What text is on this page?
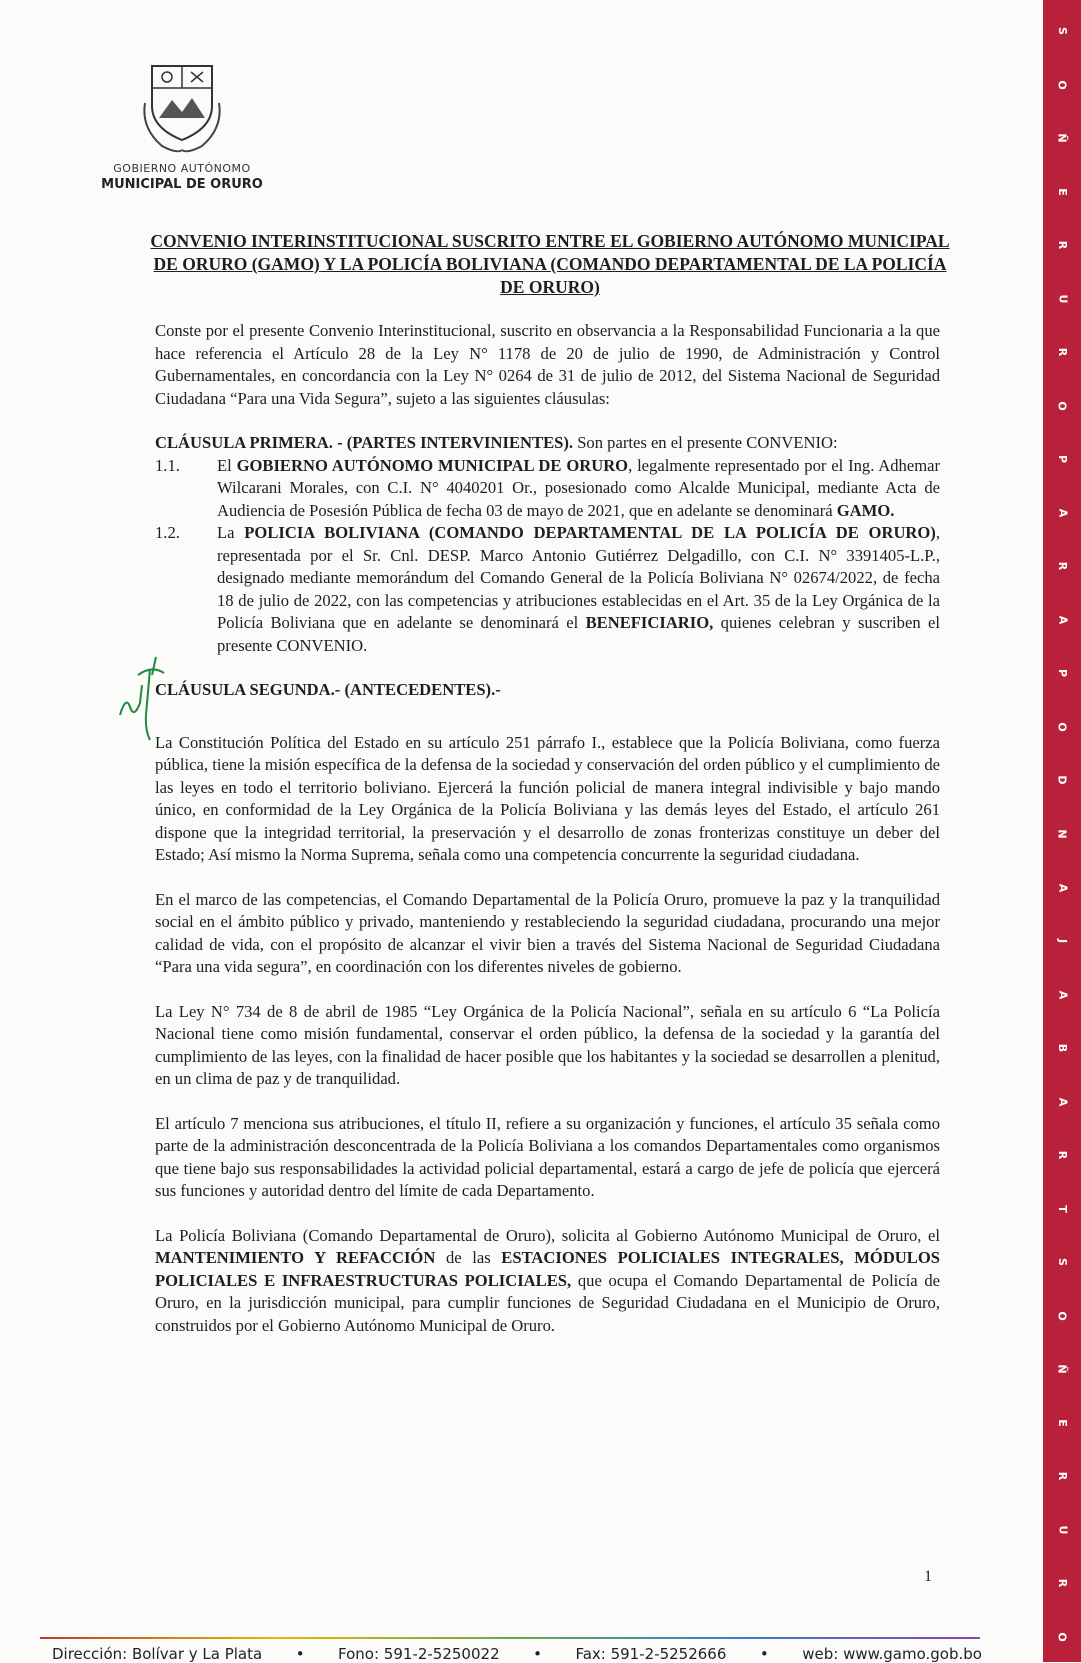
S
O
Ñ
E
R
U
R
O
P
A
R
A
P
O
D
N
A
J
A
B
A
R
T
S
O
Ñ
E
R
U
R
O
GOBIERNO AUTÓNOMO
MUNICIPAL DE ORURO
CONVENIO INTERINSTITUCIONAL SUSCRITO ENTRE EL GOBIERNO AUTÓNOMO MUNICIPAL DE ORURO (GAMO) Y LA POLICÍA BOLIVIANA (COMANDO DEPARTAMENTAL DE LA POLICÍA DE ORURO)

Conste por el presente Convenio Interinstitucional, suscrito en observancia a la Responsabilidad Funcionaria a la que hace referencia el Artículo 28 de la Ley N° 1178 de 20 de julio de 1990, de Administración y Control Gubernamentales, en concordancia con la Ley N° 0264 de 31 de julio de 2012, del Sistema Nacional de Seguridad Ciudadana “Para una Vida Segura”, sujeto a las siguientes cláusulas:

CLÁUSULA PRIMERA. - (PARTES INTERVINIENTES). Son partes en el presente CONVENIO:
1.1.	El GOBIERNO AUTÓNOMO MUNICIPAL DE ORURO, legalmente representado por el Ing. Adhemar Wilcarani Morales, con C.I. N° 4040201 Or., posesionado como Alcalde Municipal, mediante Acta de Audiencia de Posesión Pública de fecha 03 de mayo de 2021, que en adelante se denominará GAMO.
1.2.	La POLICIA BOLIVIANA (COMANDO DEPARTAMENTAL DE LA POLICÍA DE ORURO), representada por el Sr. Cnl. DESP. Marco Antonio Gutiérrez Delgadillo, con C.I. N° 3391405-L.P., designado mediante memorándum del Comando General de la Policía Boliviana N° 02674/2022, de fecha 18 de julio de 2022, con las competencias y atribuciones establecidas en el Art. 35 de la Ley Orgánica de la Policía Boliviana que en adelante se denominará el BENEFICIARIO, quienes celebran y suscriben el presente CONVENIO.

CLÁUSULA SEGUNDA.- (ANTECEDENTES).-

La Constitución Política del Estado en su artículo 251 párrafo I., establece que la Policía Boliviana, como fuerza pública, tiene la misión específica de la defensa de la sociedad y conservación del orden público y el cumplimiento de las leyes en todo el territorio boliviano. Ejercerá la función policial de manera integral indivisible y bajo mando único, en conformidad de la Ley Orgánica de la Policía Boliviana y las demás leyes del Estado, el artículo 261 dispone que la integridad territorial, la preservación y el desarrollo de zonas fronterizas constituye un deber del Estado; Así mismo la Norma Suprema, señala como una competencia concurrente la seguridad ciudadana.

En el marco de las competencias, el Comando Departamental de la Policía Oruro, promueve la paz y la tranquilidad social en el ámbito público y privado, manteniendo y restableciendo la seguridad ciudadana, procurando una mejor calidad de vida, con el propósito de alcanzar el vivir bien a través del Sistema Nacional de Seguridad Ciudadana “Para una vida segura”, en coordinación con los diferentes niveles de gobierno.

La Ley N° 734 de 8 de abril de 1985 “Ley Orgánica de la Policía Nacional”, señala en su artículo 6 “La Policía Nacional tiene como misión fundamental, conservar el orden público, la defensa de la sociedad y la garantía del cumplimiento de las leyes, con la finalidad de hacer posible que los habitantes y la sociedad se desarrollen a plenitud, en un clima de paz y de tranquilidad.

El artículo 7 menciona sus atribuciones, el título II, refiere a su organización y funciones, el artículo 35 señala como parte de la administración desconcentrada de la Policía Boliviana a los comandos Departamentales como organismos que tiene bajo sus responsabilidades la actividad policial departamental, estará a cargo de jefe de policía que ejercerá sus funciones y autoridad dentro del límite de cada Departamento.

La Policía Boliviana (Comando Departamental de Oruro), solicita al Gobierno Autónomo Municipal de Oruro, el MANTENIMIENTO Y REFACCIÓN de las ESTACIONES POLICIALES INTEGRALES, MÓDULOS POLICIALES E INFRAESTRUCTURAS POLICIALES, que ocupa el Comando Departamental de Policía de Oruro, en la jurisdicción municipal, para cumplir funciones de Seguridad Ciudadana en el Municipio de Oruro, construidos por el Gobierno Autónomo Municipal de Oruro.

1
Dirección: Bolívar y La Plata • Fono: 591-2-5250022 • Fax: 591-2-5252666 • web: www.gamo.gob.bo
